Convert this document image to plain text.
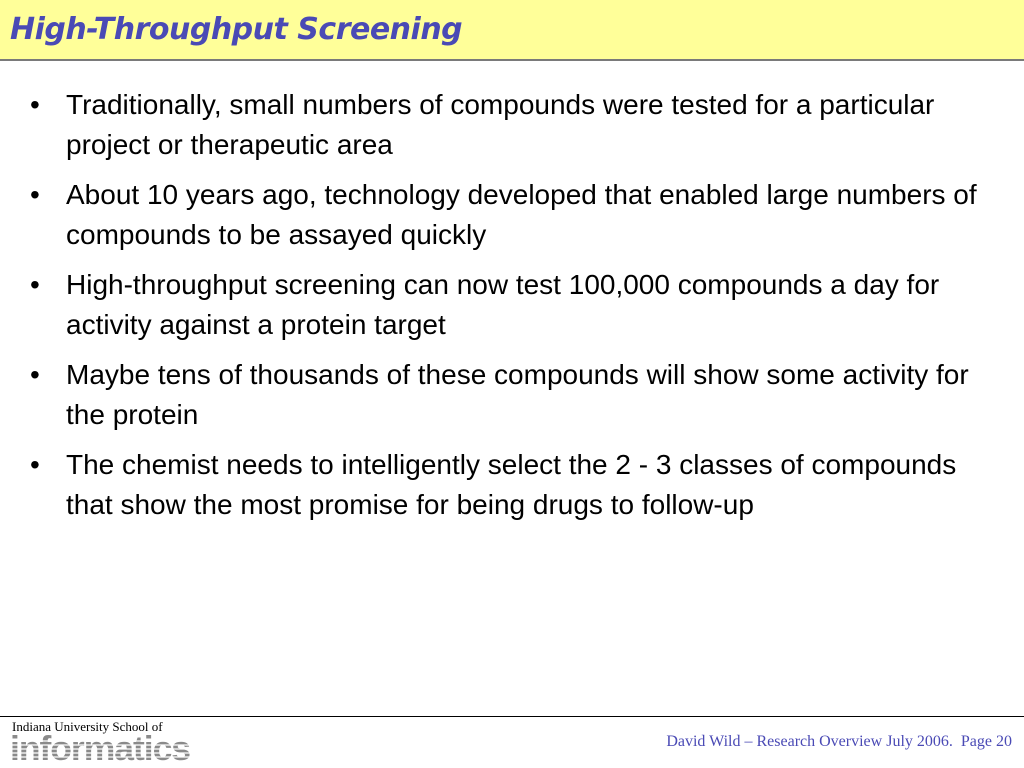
High-Throughput Screening
• Traditionally, small numbers of compounds were tested for a particular project or therapeutic area
• About 10 years ago, technology developed that enabled large numbers of compounds to be assayed quickly
• High-throughput screening can now test 100,000 compounds a day for activity against a protein target
• Maybe tens of thousands of these compounds will show some activity for the protein
• The chemist needs to intelligently select the 2 - 3 classes of compounds that show the most promise for being drugs to follow-up
Indiana University School of
informatics	David Wild – Research Overview July 2006. Page 20
